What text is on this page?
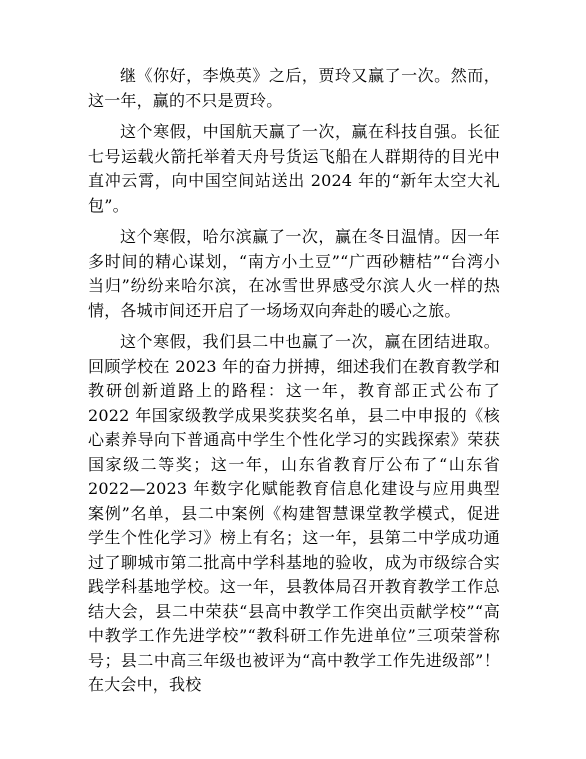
继《你好，李焕英》之后，贾玲又赢了一次。然而，这一年，赢的不只是贾玲。

这个寒假，中国航天赢了一次，赢在科技自强。长征七号运载火箭托举着天舟号货运飞船在人群期待的目光中直冲云霄，向中国空间站送出 2024 年的“新年太空大礼包”。

这个寒假，哈尔滨赢了一次，赢在冬日温情。因一年多时间的精心谋划，“南方小土豆”“广西砂糖桔”“台湾小当归”纷纷来哈尔滨，在冰雪世界感受尔滨人火一样的热情，各城市间还开启了一场场双向奔赴的暖心之旅。

这个寒假，我们县二中也赢了一次，赢在团结进取。回顾学校在 2023 年的奋力拼搏，细述我们在教育教学和教研创新道路上的路程：这一年，教育部正式公布了 2022 年国家级教学成果奖获奖名单，县二中申报的《核心素养导向下普通高中学生个性化学习的实践探索》荣获国家级二等奖；这一年，山东省教育厅公布了“山东省 2022—2023 年数字化赋能教育信息化建设与应用典型案例”名单，县二中案例《构建智慧课堂教学模式，促进学生个性化学习》榜上有名；这一年，县第二中学成功通过了聊城市第二批高中学科基地的验收，成为市级综合实践学科基地学校。这一年，县教体局召开教育教学工作总结大会，县二中荣获“县高中教学工作突出贡献学校”“高中教学工作先进学校”“教科研工作先进单位”三项荣誉称号；县二中高三年级也被评为“高中教学工作先进级部”！在大会中，我校
